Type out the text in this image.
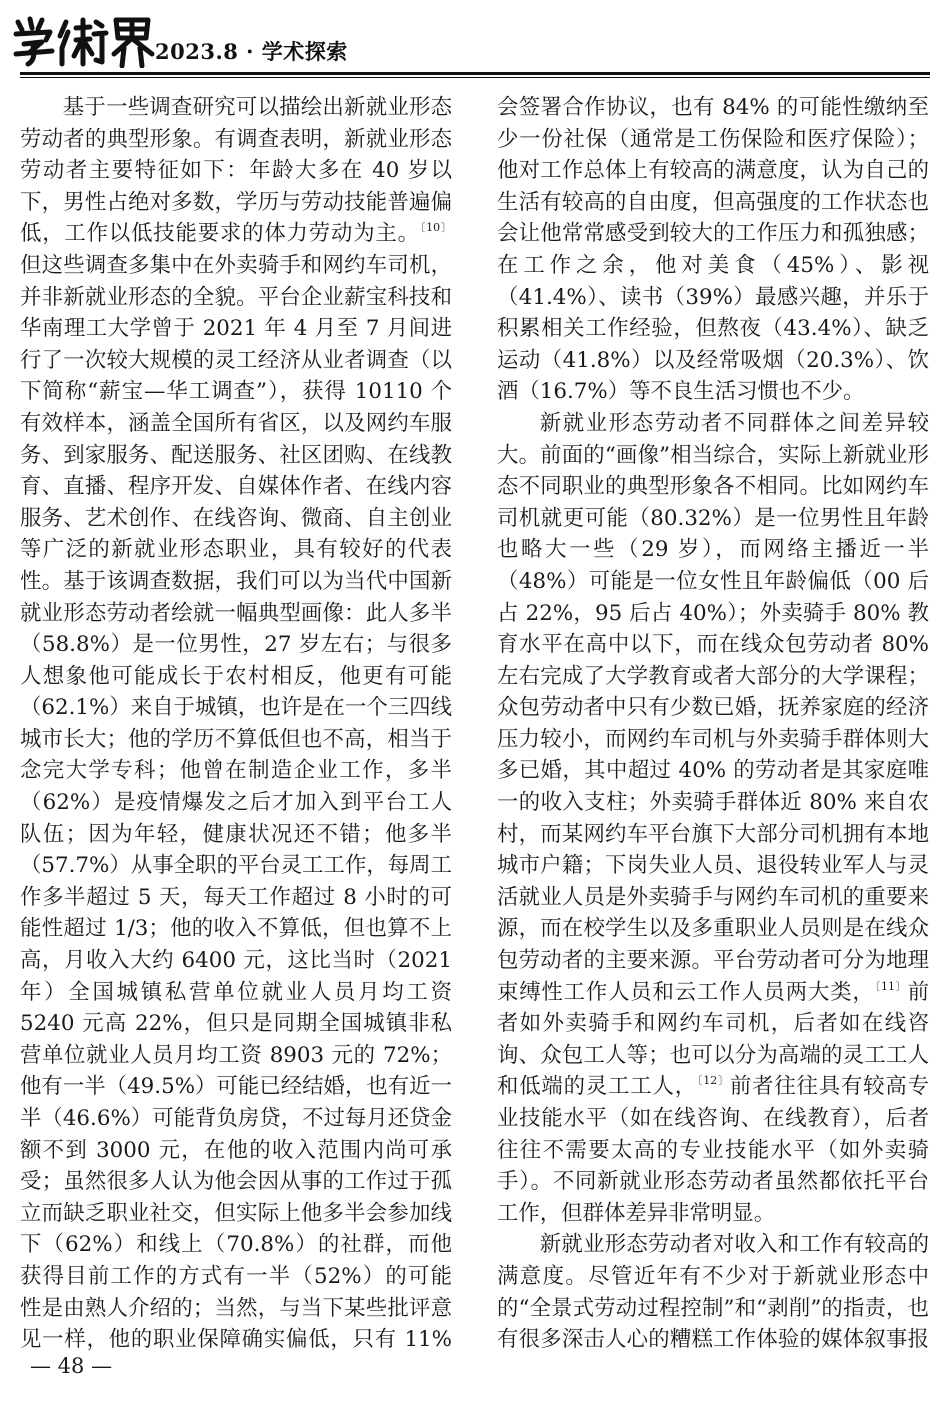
2023.8 · 学术探索

基于一些调查研究可以描绘出新就业形态劳动者的典型形象。有调查表明，新就业形态劳动者主要特征如下：年龄大多在 40 岁以下，男性占绝对多数，学历与劳动技能普遍偏低，工作以低技能要求的体力劳动为主。$^{〔10〕}$但这些调查多集中在外卖骑手和网约车司机，并非新就业形态的全貌。平台企业薪宝科技和华南理工大学曾于 2021 年 4 月至 7 月间进行了一次较大规模的灵工经济从业者调查（以下简称“薪宝—华工调查”），获得 10110 个有效样本，涵盖全国所有省区，以及网约车服务、到家服务、配送服务、社区团购、在线教育、直播、程序开发、自媒体作者、在线内容服务、艺术创作、在线咨询、微商、自主创业等广泛的新就业形态职业，具有较好的代表性。基于该调查数据，我们可以为当代中国新就业形态劳动者绘就一幅典型画像：此人多半（58.8%）是一位男性，27 岁左右；与很多人想象他可能成长于农村相反，他更有可能（62.1%）来自于城镇，也许是在一个三四线城市长大；他的学历不算低但也不高，相当于念完大学专科；他曾在制造企业工作，多半（62%）是疫情爆发之后才加入到平台工人队伍；因为年轻，健康状况还不错；他多半（57.7%）从事全职的平台灵工工作，每周工作多半超过 5 天，每天工作超过 8 小时的可能性超过 1/3；他的收入不算低，但也算不上高，月收入大约 6400 元，这比当时（2021 年）全国城镇私营单位就业人员月均工资 5240 元高 22%，但只是同期全国城镇非私营单位就业人员月均工资 8903 元的 72%；他有一半（49.5%）可能已经结婚，也有近一半（46.6%）可能背负房贷，不过每月还贷金额不到 3000 元，在他的收入范围内尚可承受；虽然很多人认为他会因从事的工作过于孤立而缺乏职业社交，但实际上他多半会参加线下（62%）和线上（70.8%）的社群，而他获得目前工作的方式有一半（52%）的可能性是由熟人介绍的；当然，与当下某些批评意见一样，他的职业保障确实偏低，只有 11%

会签署合作协议，也有 84% 的可能性缴纳至少一份社保（通常是工伤保险和医疗保险）；他对工作总体上有较高的满意度，认为自己的生活有较高的自由度，但高强度的工作状态也会让他常常感受到较大的工作压力和孤独感；在工作之余，他对美食（45%）、影视（41.4%）、读书（39%）最感兴趣，并乐于积累相关工作经验，但熬夜（43.4%）、缺乏运动（41.8%）以及经常吸烟（20.3%）、饮酒（16.7%）等不良生活习惯也不少。

新就业形态劳动者不同群体之间差异较大。前面的“画像”相当综合，实际上新就业形态不同职业的典型形象各不相同。比如网约车司机就更可能（80.32%）是一位男性且年龄也略大一些（29 岁），而网络主播近一半（48%）可能是一位女性且年龄偏低（00 后占 22%，95 后占 40%）；外卖骑手 80% 教育水平在高中以下，而在线众包劳动者 80% 左右完成了大学教育或者大部分的大学课程；众包劳动者中只有少数已婚，抚养家庭的经济压力较小，而网约车司机与外卖骑手群体则大多已婚，其中超过 40% 的劳动者是其家庭唯一的收入支柱；外卖骑手群体近 80% 来自农村，而某网约车平台旗下大部分司机拥有本地城市户籍；下岗失业人员、退役转业军人与灵活就业人员是外卖骑手与网约车司机的重要来源，而在校学生以及多重职业人员则是在线众包劳动者的主要来源。平台劳动者可分为地理束缚性工作人员和云工作人员两大类，$^{〔11〕}$前者如外卖骑手和网约车司机，后者如在线咨询、众包工人等；也可以分为高端的灵工工人和低端的灵工工人，$^{〔12〕}$前者往往具有较高专业技能水平（如在线咨询、在线教育），后者往往不需要太高的专业技能水平（如外卖骑手）。不同新就业形态劳动者虽然都依托平台工作，但群体差异非常明显。

新就业形态劳动者对收入和工作有较高的满意度。尽管近年有不少对于新就业形态中的“全景式劳动过程控制”和“剥削”的指责，也有很多深击人心的糟糕工作体验的媒体叙事报

— 48 —
